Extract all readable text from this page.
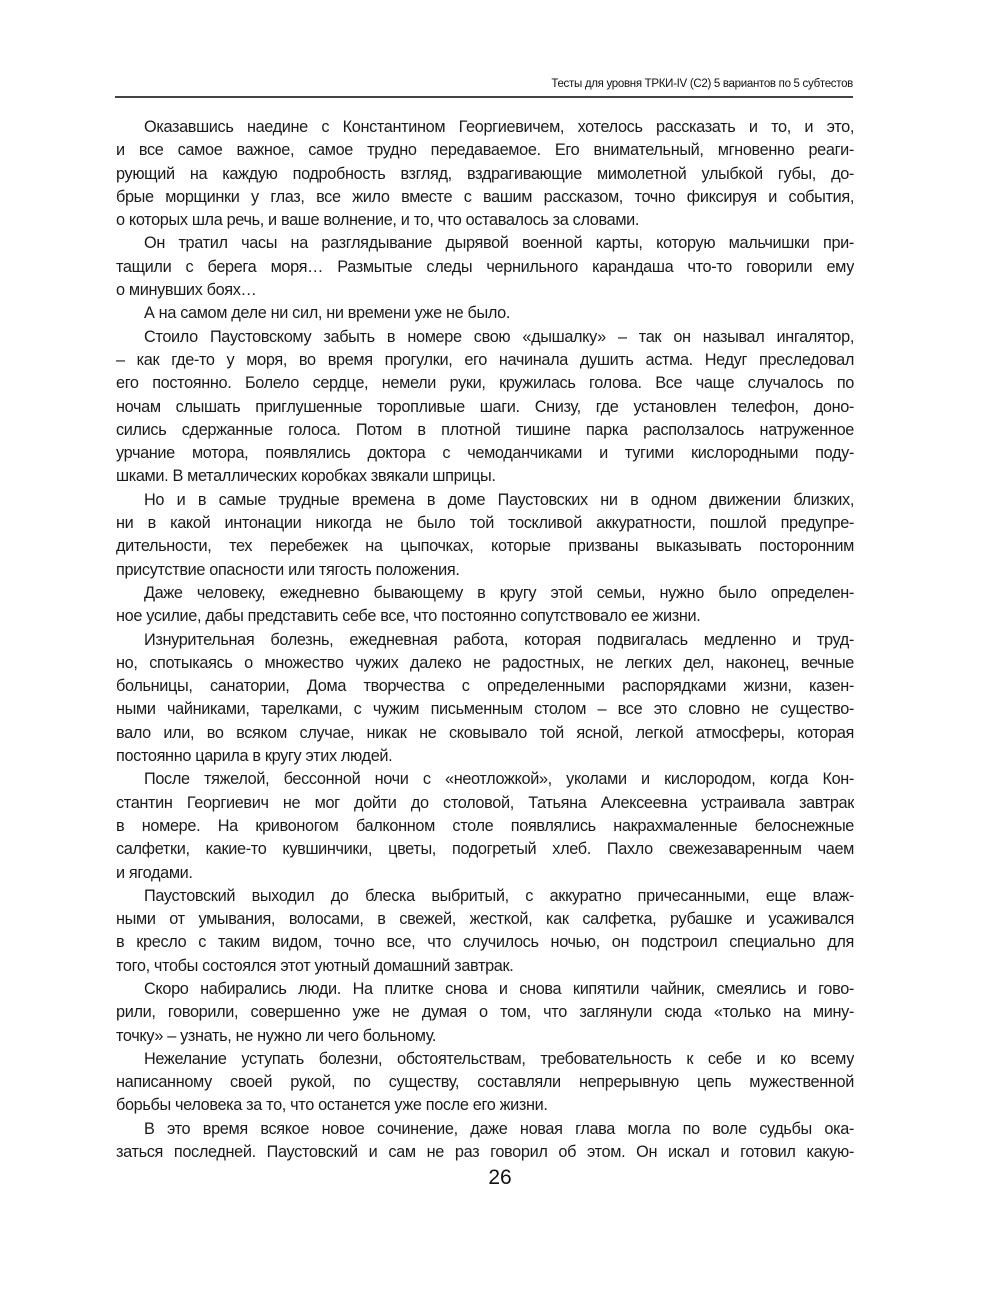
Тесты для уровня ТРКИ-IV (С2) 5 вариантов по 5 субтестов
Оказавшись наедине с Константином Георгиевичем, хотелось рассказать и то, и это,
и все самое важное, самое трудно передаваемое. Его внимательный, мгновенно реаги-
рующий на каждую подробность взгляд, вздрагивающие мимолетной улыбкой губы, до-
брые морщинки у глаз, все жило вместе с вашим рассказом, точно фиксируя и события,
о которых шла речь, и ваше волнение, и то, что оставалось за словами.
Он тратил часы на разглядывание дырявой военной карты, которую мальчишки при-
тащили с берега моря… Размытые следы чернильного карандаша что-то говорили ему
о минувших боях…
А на самом деле ни сил, ни времени уже не было.
Стоило Паустовскому забыть в номере свою «дышалку» – так он называл ингалятор,
– как где-то у моря, во время прогулки, его начинала душить астма. Недуг преследовал
его постоянно. Болело сердце, немели руки, кружилась голова. Все чаще случалось по
ночам слышать приглушенные торопливые шаги. Снизу, где установлен телефон, доно-
сились сдержанные голоса. Потом в плотной тишине парка расползалось натруженное
урчание мотора, появлялись доктора с чемоданчиками и тугими кислородными поду-
шками. В металлических коробках звякали шприцы.
Но и в самые трудные времена в доме Паустовских ни в одном движении близких,
ни в какой интонации никогда не было той тоскливой аккуратности, пошлой предупре-
дительности, тех перебежек на цыпочках, которые призваны выказывать посторонним
присутствие опасности или тягость положения.
Даже человеку, ежедневно бывающему в кругу этой семьи, нужно было определен-
ное усилие, дабы представить себе все, что постоянно сопутствовало ее жизни.
Изнурительная болезнь, ежедневная работа, которая подвигалась медленно и труд-
но, спотыкаясь о множество чужих далеко не радостных, не легких дел, наконец, вечные
больницы, санатории, Дома творчества с определенными распорядками жизни, казен-
ными чайниками, тарелками, с чужим письменным столом – все это словно не существо-
вало или, во всяком случае, никак не сковывало той ясной, легкой атмосферы, которая
постоянно царила в кругу этих людей.
После тяжелой, бессонной ночи с «неотложкой», уколами и кислородом, когда Кон-
стантин Георгиевич не мог дойти до столовой, Татьяна Алексеевна устраивала завтрак
в номере. На кривоногом балконном столе появлялись накрахмаленные белоснежные
салфетки, какие-то кувшинчики, цветы, подогретый хлеб. Пахло свежезаваренным чаем
и ягодами.
Паустовский выходил до блеска выбритый, с аккуратно причесанными, еще влаж-
ными от умывания, волосами, в свежей, жесткой, как салфетка, рубашке и усаживался
в кресло с таким видом, точно все, что случилось ночью, он подстроил специально для
того, чтобы состоялся этот уютный домашний завтрак.
Скоро набирались люди. На плитке снова и снова кипятили чайник, смеялись и гово-
рили, говорили, совершенно уже не думая о том, что заглянули сюда «только на мину-
точку» – узнать, не нужно ли чего больному.
Нежелание уступать болезни, обстоятельствам, требовательность к себе и ко всему
написанному своей рукой, по существу, составляли непрерывную цепь мужественной
борьбы человека за то, что останется уже после его жизни.
В это время всякое новое сочинение, даже новая глава могла по воле судьбы ока-
заться последней. Паустовский и сам не раз говорил об этом. Он искал и готовил какую-
26
